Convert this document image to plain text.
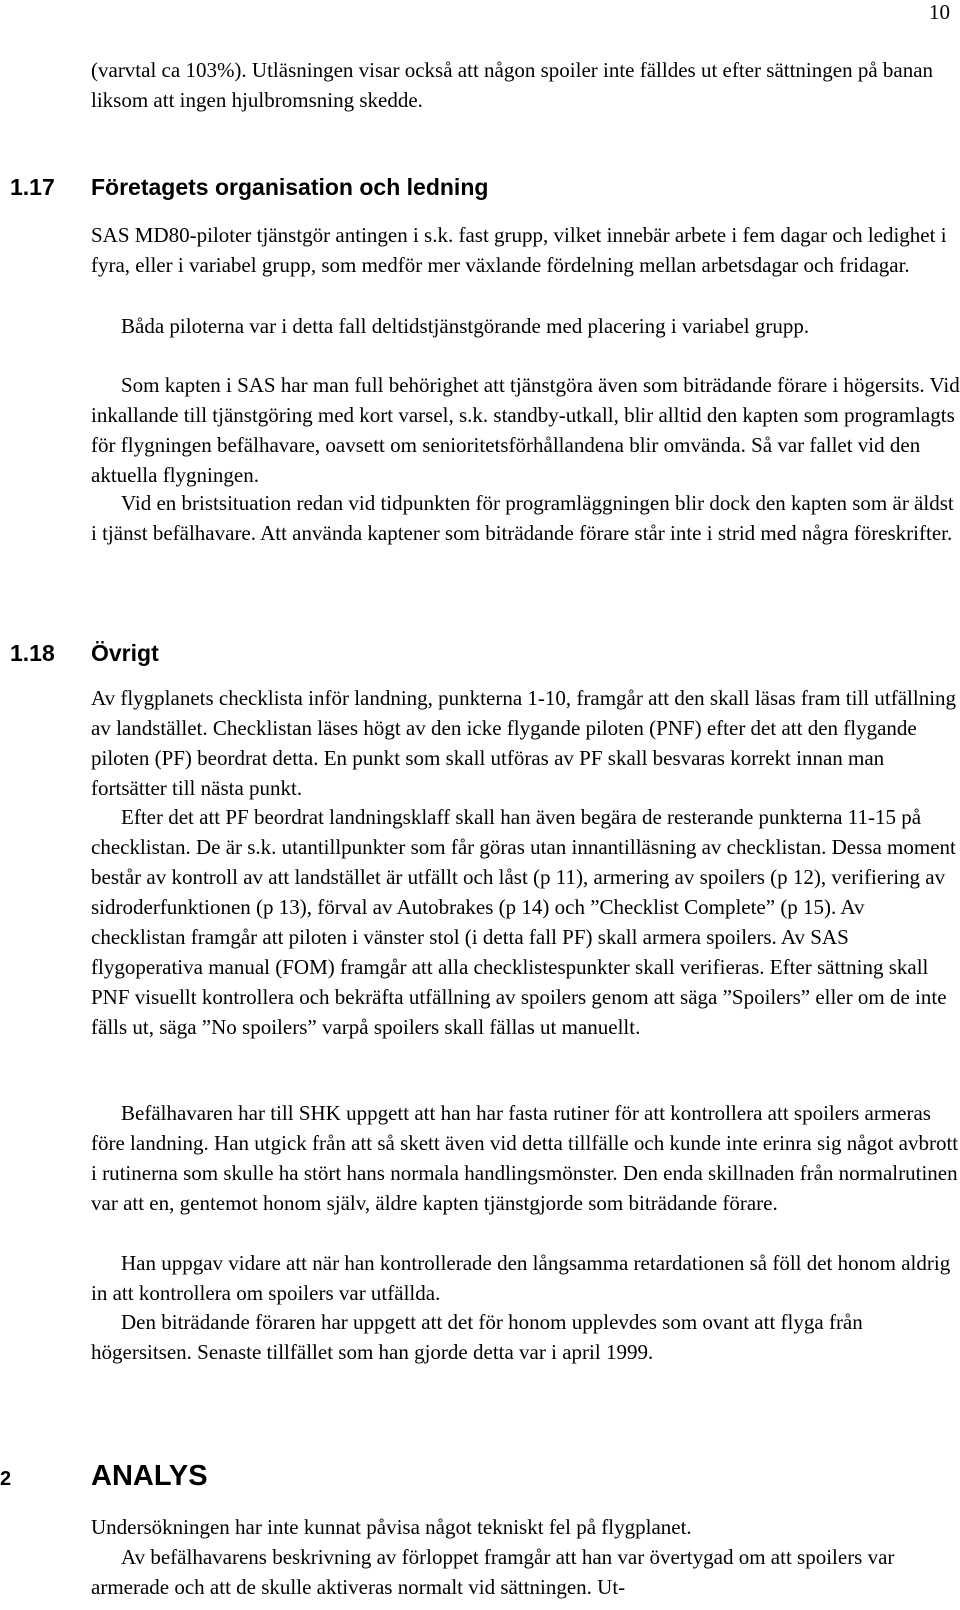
10

(varvtal ca 103%). Utläsningen visar också att någon spoiler inte fälldes ut efter sättningen på banan liksom att ingen hjulbromsning skedde.

1.17 Företagets organisation och ledning

SAS MD80-piloter tjänstgör antingen i s.k. fast grupp, vilket innebär arbete i fem dagar och ledighet i fyra, eller i variabel grupp, som medför mer växlande fördelning mellan arbetsdagar och fridagar.

Båda piloterna var i detta fall deltidstjänstgörande med placering i variabel grupp.

Som kapten i SAS har man full behörighet att tjänstgöra även som biträdande förare i högersits. Vid inkallande till tjänstgöring med kort varsel, s.k. standby-utkall, blir alltid den kapten som programlagts för flygningen befälhavare, oavsett om senioritetsförhållandena blir omvända. Så var fallet vid den aktuella flygningen.

Vid en bristsituation redan vid tidpunkten för programläggningen blir dock den kapten som är äldst i tjänst befälhavare. Att använda kaptener som biträdande förare står inte i strid med några föreskrifter.

1.18 Övrigt

Av flygplanets checklista inför landning, punkterna 1-10, framgår att den skall läsas fram till utfällning av landstället. Checklistan läses högt av den icke flygande piloten (PNF) efter det att den flygande piloten (PF) beordrat detta. En punkt som skall utföras av PF skall besvaras korrekt innan man fortsätter till nästa punkt.

Efter det att PF beordrat landningsklaff skall han även begära de resterande punkterna 11-15 på checklistan. De är s.k. utantillpunkter som får göras utan innantilläsning av checklistan. Dessa moment består av kontroll av att landstället är utfällt och låst (p 11), armering av spoilers (p 12), verifiering av sidroderfunktionen (p 13), förval av Autobrakes (p 14) och ”Checklist Complete” (p 15). Av checklistan framgår att piloten i vänster stol (i detta fall PF) skall armera spoilers. Av SAS flygoperativa manual (FOM) framgår att alla checklistespunkter skall verifieras. Efter sättning skall PNF visuellt kontrollera och bekräfta utfällning av spoilers genom att säga ”Spoilers” eller om de inte fälls ut, säga ”No spoilers” varpå spoilers skall fällas ut manuellt.

Befälhavaren har till SHK uppgett att han har fasta rutiner för att kontrollera att spoilers armeras före landning. Han utgick från att så skett även vid detta tillfälle och kunde inte erinra sig något avbrott i rutinerna som skulle ha stört hans normala handlingsmönster. Den enda skillnaden från normalrutinen var att en, gentemot honom själv, äldre kapten tjänstgjorde som biträdande förare.

Han uppgav vidare att när han kontrollerade den långsamma retardationen så föll det honom aldrig in att kontrollera om spoilers var utfällda.

Den biträdande föraren har uppgett att det för honom upplevdes som ovant att flyga från högersitsen. Senaste tillfället som han gjorde detta var i april 1999.

2	ANALYS

Undersökningen har inte kunnat påvisa något tekniskt fel på flygplanet.

Av befälhavarens beskrivning av förloppet framgår att han var övertygad om att spoilers var armerade och att de skulle aktiveras normalt vid sättningen. Ut-
